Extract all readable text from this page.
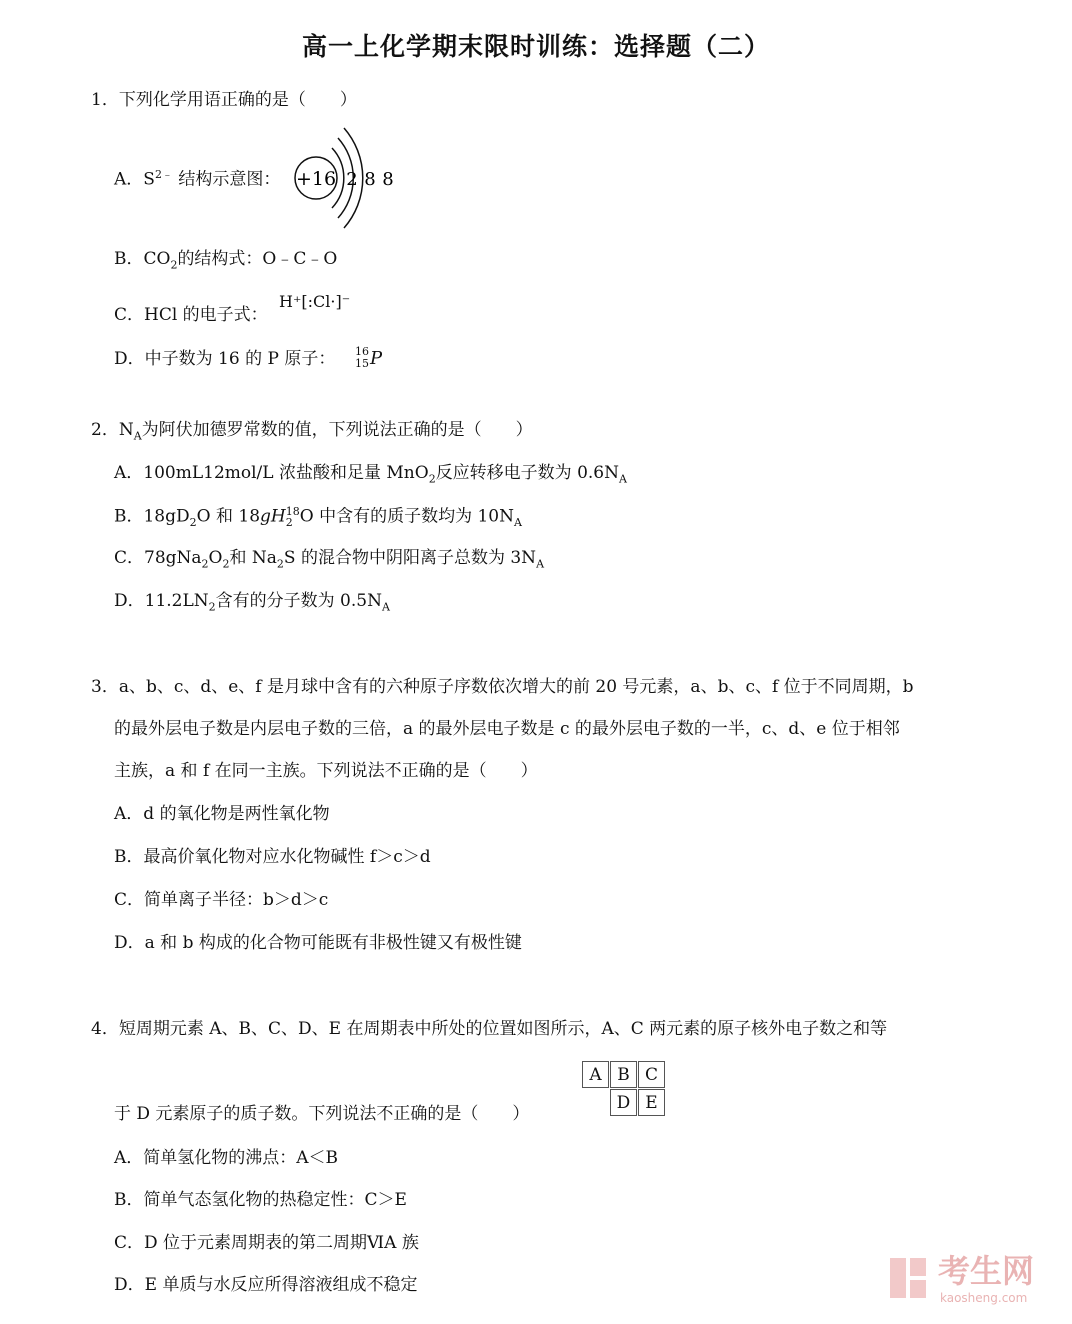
高一上化学期末限时训练：选择题（二）
1．下列化学用语正确的是（　　）
A．$S^{2﹣}$ 结构示意图： +16 2 8 8
B．$CO_2$的结构式：O﹣C﹣O
C．HCl 的电子式：
H⁺[:Cl·]⁻
D．中子数为 16 的 P 原子： 16
15 P
2．$N_A$为阿伏加德罗常数的值，下列说法正确的是（　　）
A．100mL12mol/L 浓盐酸和足量 MnO$_2$反应转移电子数为 $0.6N_A$
B．$18gD_2O$ 和 18gH 18
2 O 中含有的质子数均为 $10N_A$
C．$78gNa_2O_2$和 $Na_2S$ 的混合物中阴阳离子总数为 $3N_A$
D．$11.2LN_2$含有的分子数为 $0.5N_A$
3．a、b、c、d、e、f 是月球中含有的六种原子序数依次增大的前 20 号元素，a、b、c、f 位于不同周期，b
的最外层电子数是内层电子数的三倍，a 的最外层电子数是 c 的最外层电子数的一半，c、d、e 位于相邻
主族，a 和 f 在同一主族。下列说法不正确的是（　　）
A．d 的氧化物是两性氧化物
B．最高价氧化物对应水化物碱性 f＞c＞d
C．简单离子半径：b＞d＞c
D．a 和 b 构成的化合物可能既有非极性键又有极性键
4．短周期元素 A、B、C、D、E 在周期表中所处的位置如图所示，A、C 两元素的原子核外电子数之和等
于 D 元素原子的质子数。下列说法不正确的是（　　）
A B C
D E
A．简单氢化物的沸点：A＜B
B．简单气态氢化物的热稳定性：C＞E
C．D 位于元素周期表的第二周期ⅥA 族
D．E 单质与水反应所得溶液组成不稳定	考生网
kaosheng.com
